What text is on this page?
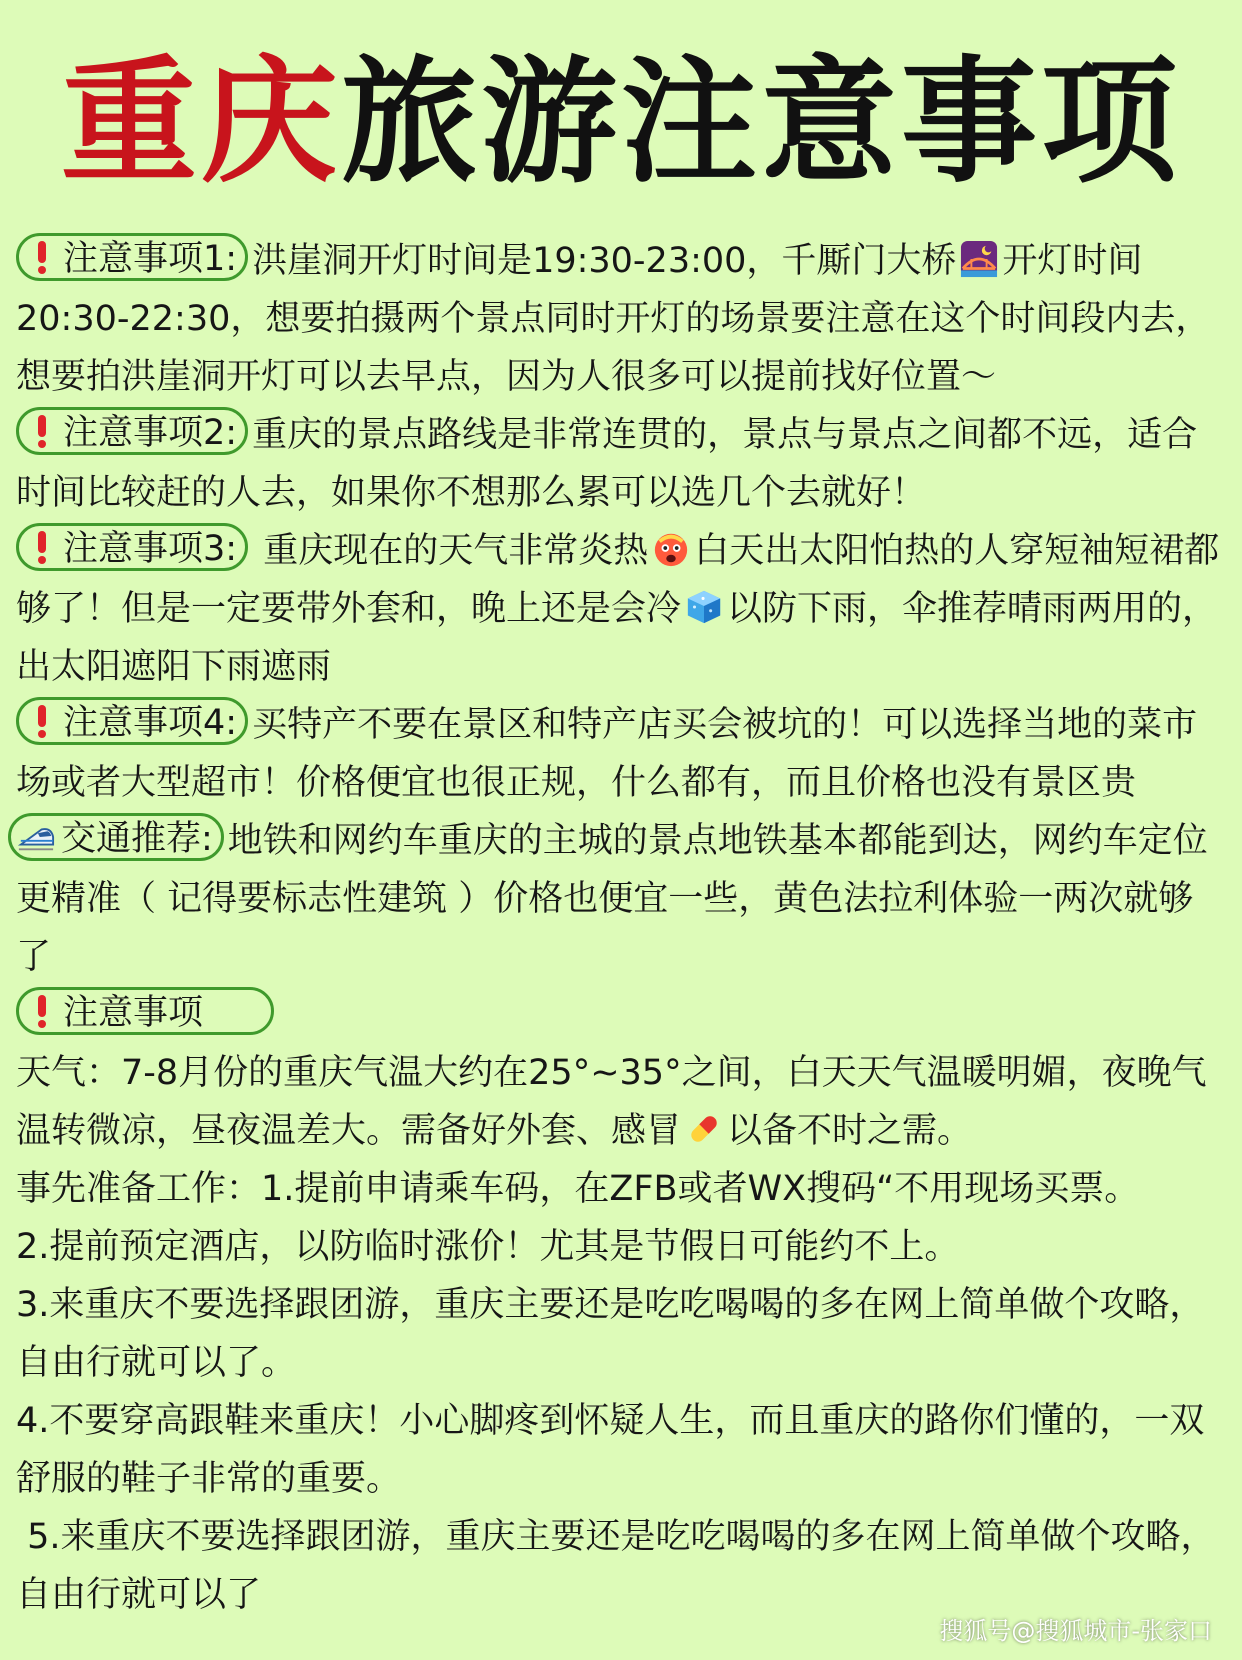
重庆旅游注意事项

注意事项1: 洪崖洞开灯时间是19:30-23:00，千厮门大桥 开灯时间20:30-22:30，想要拍摄两个景点同时开灯的场景要注意在这个时间段内去，想要拍洪崖洞开灯可以去早点，因为人很多可以提前找好位置～

注意事项2: 重庆的景点路线是非常连贯的，景点与景点之间都不远，适合时间比较赶的人去，如果你不想那么累可以选几个去就好！

注意事项3: 重庆现在的天气非常炎热 白天出太阳怕热的人穿短袖短裙都够了！但是一定要带外套和，晚上还是会冷 以防下雨，伞推荐晴雨两用的，出太阳遮阳下雨遮雨

注意事项4: 买特产不要在景区和特产店买会被坑的！可以选择当地的菜市场或者大型超市！价格便宜也很正规，什么都有，而且价格也没有景区贵

交通推荐: 地铁和网约车重庆的主城的景点地铁基本都能到达，网约车定位更精准（ 记得要标志性建筑 ）价格也便宜一些，黄色法拉利体验一两次就够了

注意事项

天气：7-8月份的重庆气温大约在25°~35°之间，白天天气温暖明媚，夜晚气温转微凉，昼夜温差大。需备好外套、感冒 以备不时之需。

事先准备工作：1.提前申请乘车码，在ZFB或者WX搜码“不用现场买票。

2.提前预定酒店，以防临时涨价！尤其是节假日可能约不上。

3.来重庆不要选择跟团游，重庆主要还是吃吃喝喝的多在网上简单做个攻略，自由行就可以了。

4.不要穿高跟鞋来重庆！小心脚疼到怀疑人生，而且重庆的路你们懂的，一双舒服的鞋子非常的重要。

5.来重庆不要选择跟团游，重庆主要还是吃吃喝喝的多在网上简单做个攻略，自由行就可以了

搜狐号@搜狐城市-张家口
